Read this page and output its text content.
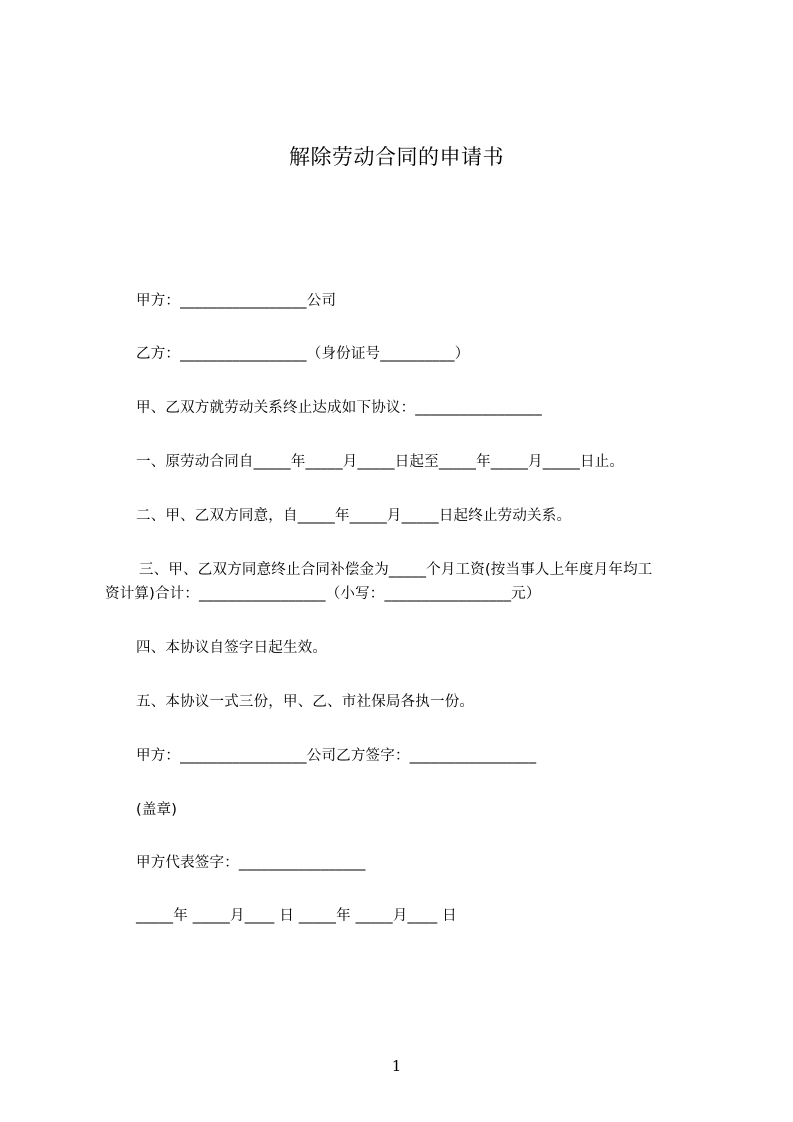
解除劳动合同的申请书
甲方：_________________公司
乙方：_________________（身份证号__________）
甲、乙双方就劳动关系终止达成如下协议：_________________
一、原劳动合同自_____年_____月_____日起至_____年_____月_____日止。
二、甲、乙双方同意，自_____年_____月_____日起终止劳动关系。
三、甲、乙双方同意终止合同补偿金为_____个月工资(按当事人上年度月年均工
资计算)合计：_________________（小写：_________________元）
四、本协议自签字日起生效。
五、本协议一式三份，甲、乙、市社保局各执一份。
甲方：_________________公司乙方签字：_________________
(盖章)
甲方代表签字：_________________
_____年 _____月____ 日 _____年 _____月____ 日
1
